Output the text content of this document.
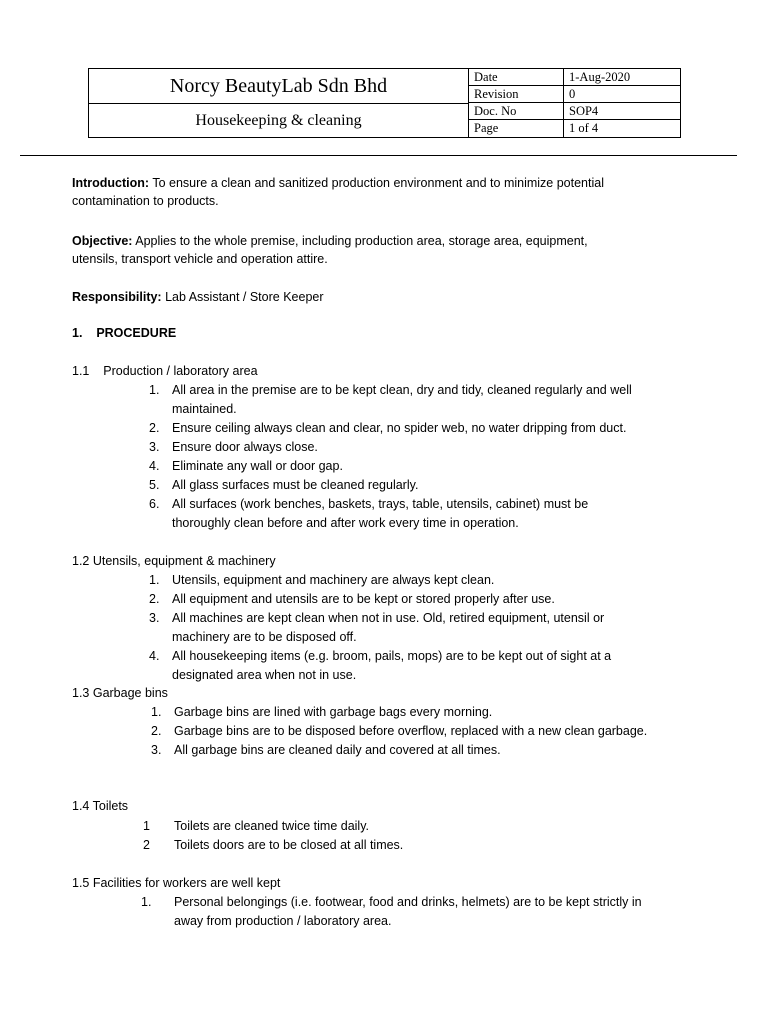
Norcy BeautyLab Sdn Bhd
Housekeeping & cleaning
Date	1-Aug-2020
Revision	0
Doc. No	SOP4
Page	1 of 4
Introduction: To ensure a clean and sanitized production environment and to minimize potential
contamination to products.
Objective: Applies to the whole premise, including production area, storage area, equipment,
utensils, transport vehicle and operation attire.
Responsibility: Lab Assistant / Store Keeper
1.    PROCEDURE
1.1    Production / laboratory area
1. All area in the premise are to be kept clean, dry and tidy, cleaned regularly and well
maintained.
2. Ensure ceiling always clean and clear, no spider web, no water dripping from duct.
3. Ensure door always close.
4. Eliminate any wall or door gap.
5. All glass surfaces must be cleaned regularly.
6. All surfaces (work benches, baskets, trays, table, utensils, cabinet) must be
thoroughly clean before and after work every time in operation.
1.2 Utensils, equipment & machinery
1. Utensils, equipment and machinery are always kept clean.
2. All equipment and utensils are to be kept or stored properly after use.
3. All machines are kept clean when not in use. Old, retired equipment, utensil or
machinery are to be disposed off.
4. All housekeeping items (e.g. broom, pails, mops) are to be kept out of sight at a
designated area when not in use.
1.3 Garbage bins
1. Garbage bins are lined with garbage bags every morning.
2. Garbage bins are to be disposed before overflow, replaced with a new clean garbage.
3. All garbage bins are cleaned daily and covered at all times.
1.4 Toilets
1 Toilets are cleaned twice time daily.
2 Toilets doors are to be closed at all times.
1.5 Facilities for workers are well kept
1. Personal belongings (i.e. footwear, food and drinks, helmets) are to be kept strictly in
away from production / laboratory area.
